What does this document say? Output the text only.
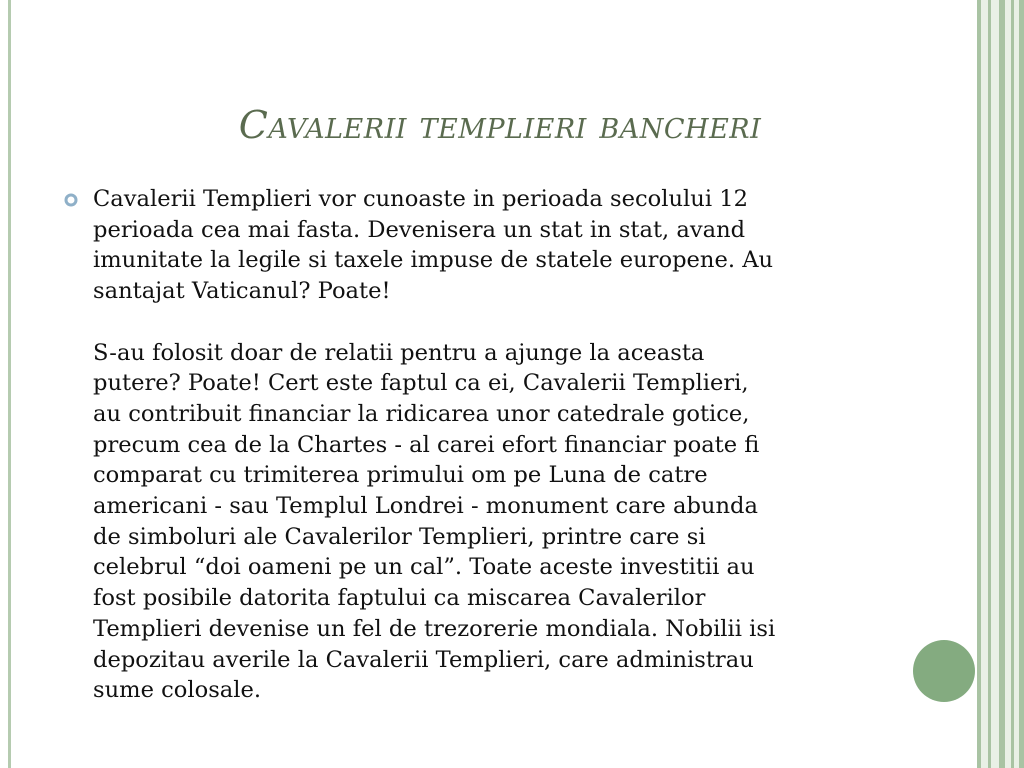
Cavalerii templieri bancheri
Cavalerii Templieri vor cunoaste in perioada secolului 12
perioada cea mai fasta. Devenisera un stat in stat, avand
imunitate la legile si taxele impuse de statele europene. Au
santajat Vaticanul? Poate!

S-au folosit doar de relatii pentru a ajunge la aceasta
putere? Poate! Cert este faptul ca ei, Cavalerii Templieri,
au contribuit financiar la ridicarea unor catedrale gotice,
precum cea de la Chartes - al carei efort financiar poate fi
comparat cu trimiterea primului om pe Luna de catre
americani - sau Templul Londrei - monument care abunda
de simboluri ale Cavalerilor Templieri, printre care si
celebrul “doi oameni pe un cal”. Toate aceste investitii au
fost posibile datorita faptului ca miscarea Cavalerilor
Templieri devenise un fel de trezorerie mondiala. Nobilii isi
depozitau averile la Cavalerii Templieri, care administrau
sume colosale.
